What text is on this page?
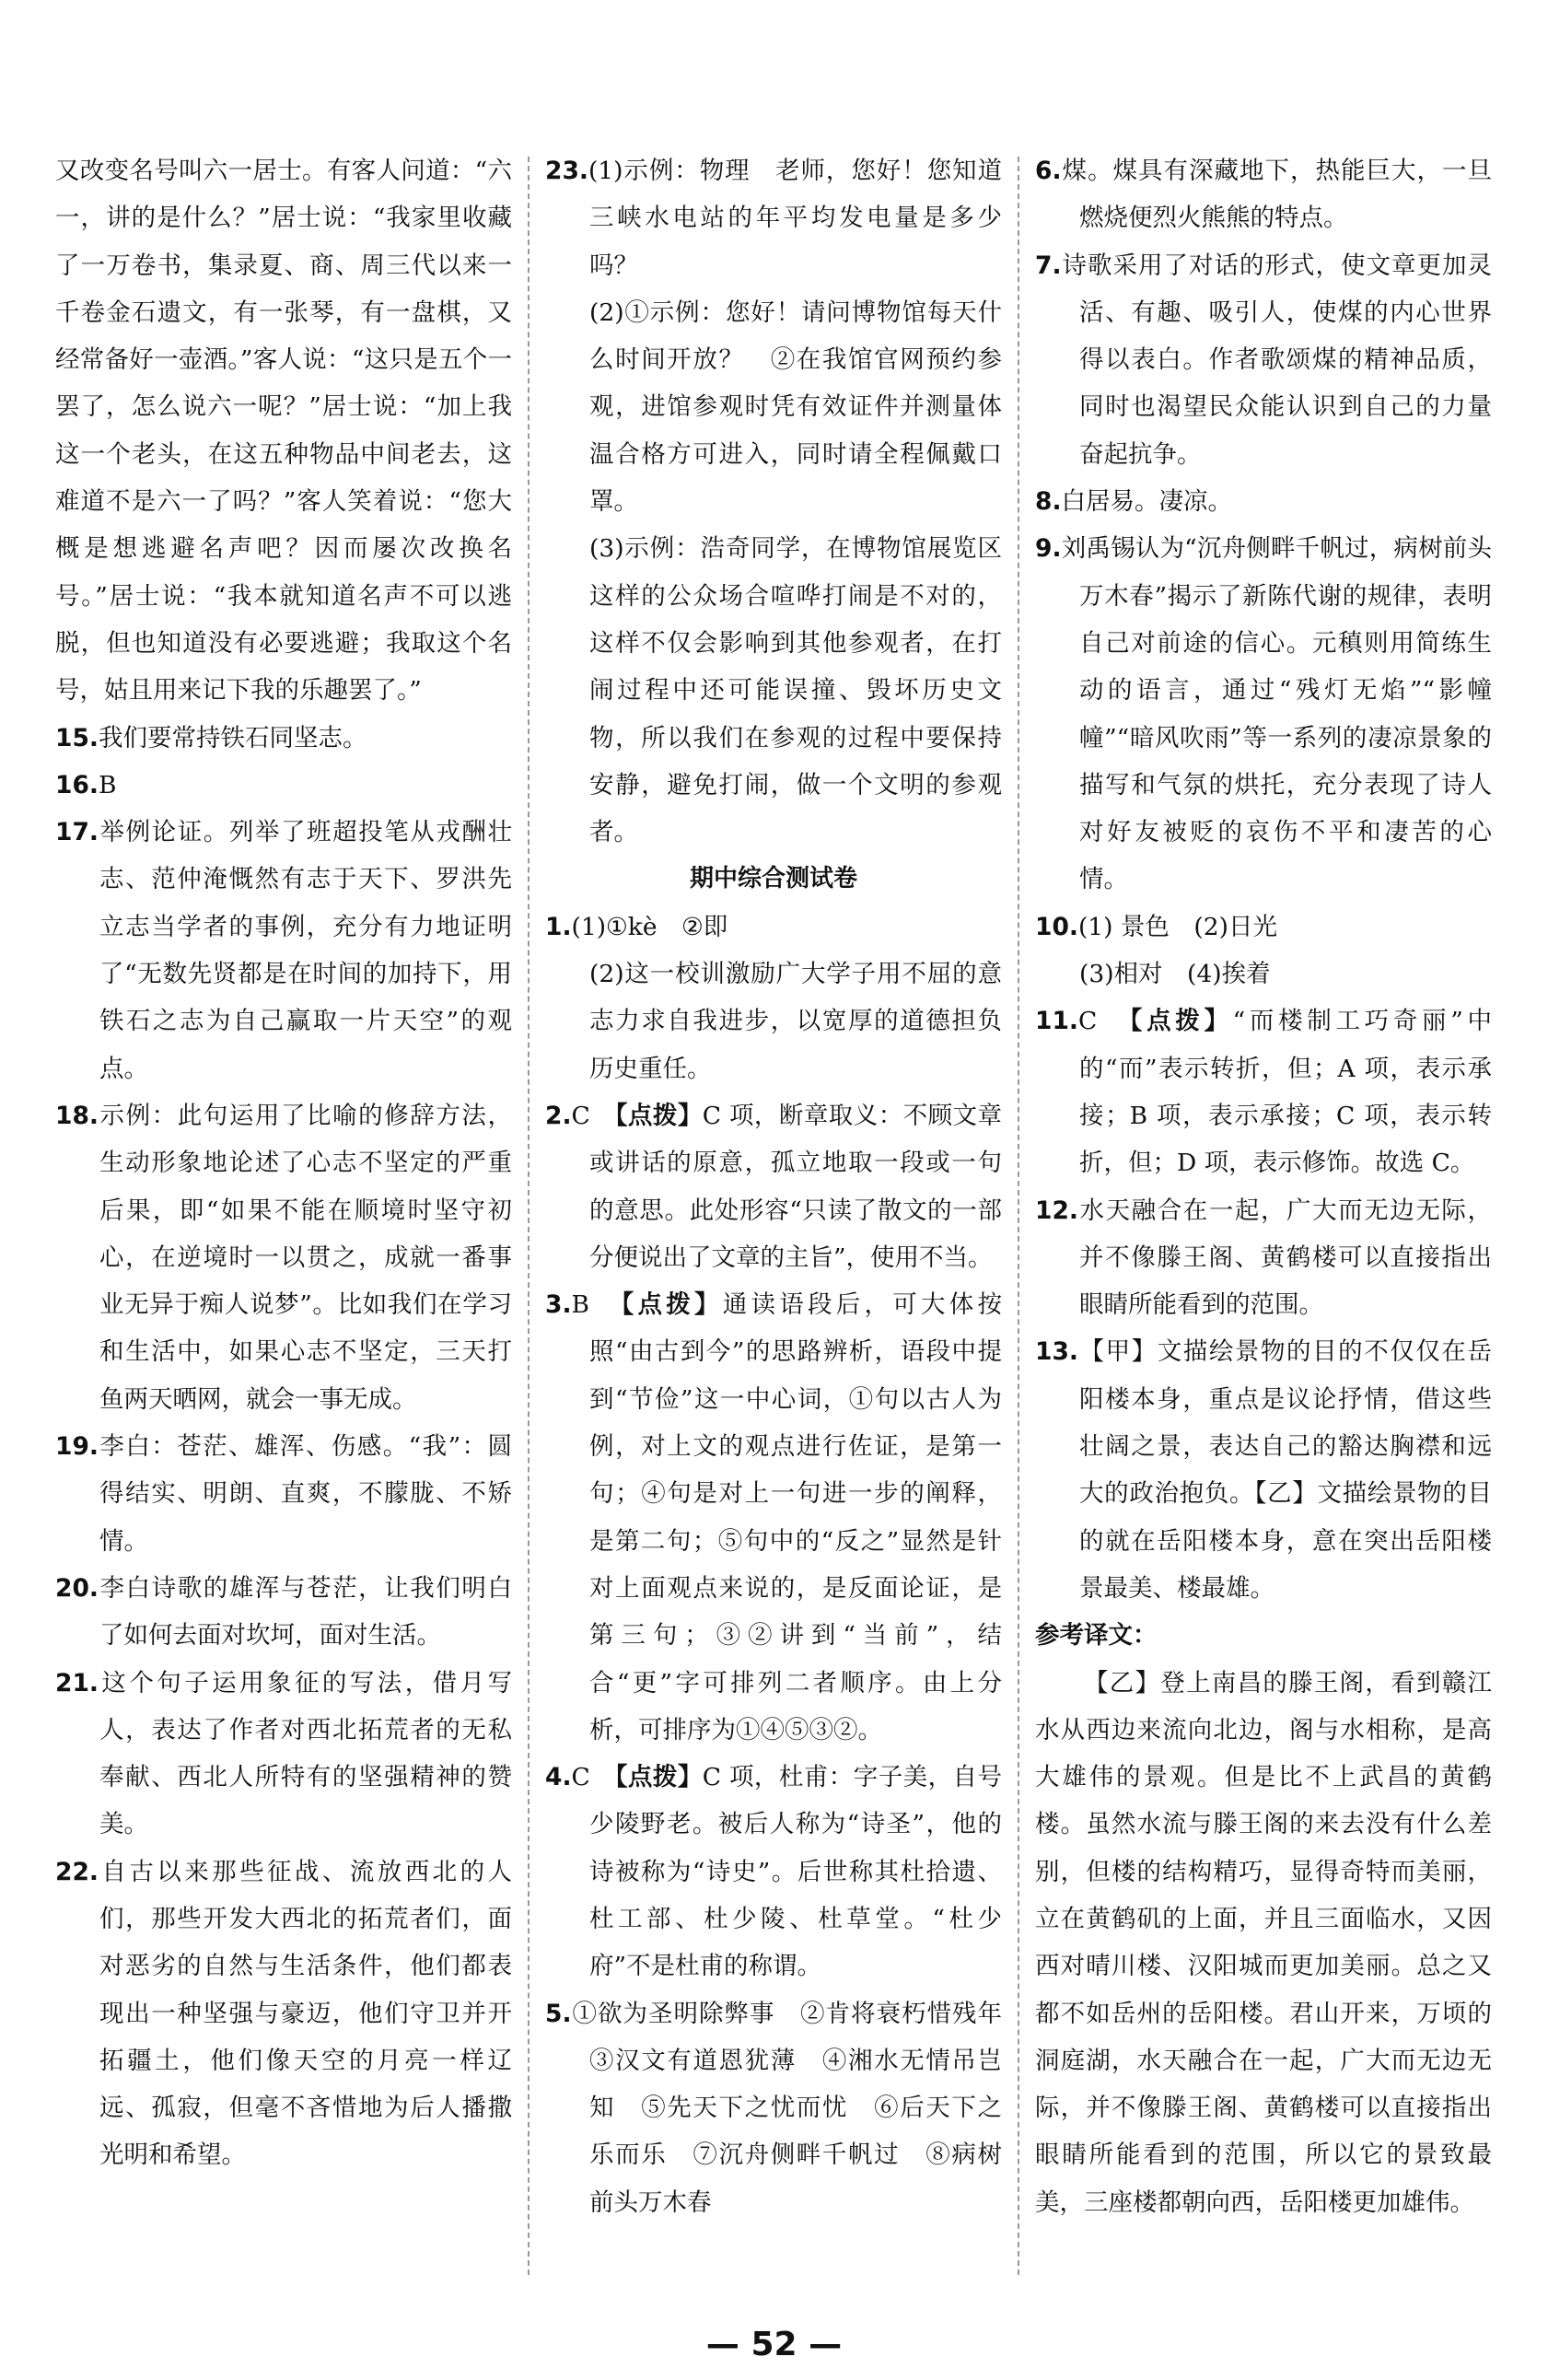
又改变名号叫六一居士。有客人问道：“六一，讲的是什么？”居士说：“我家里收藏了一万卷书，集录夏、商、周三代以来一千卷金石遗文，有一张琴，有一盘棋，又经常备好一壶酒。”客人说：“这只是五个一罢了，怎么说六一呢？”居士说：“加上我这一个老头，在这五种物品中间老去，这难道不是六一了吗？”客人笑着说：“您大概是想逃避名声吧？因而屡次改换名号。”居士说：“我本就知道名声不可以逃脱，但也知道没有必要逃避；我取这个名号，姑且用来记下我的乐趣罢了。”

15.我们要常持铁石同坚志。

16.B

17.举例论证。列举了班超投笔从戎酬壮志、范仲淹慨然有志于天下、罗洪先立志当学者的事例，充分有力地证明了“无数先贤都是在时间的加持下，用铁石之志为自己赢取一片天空”的观点。

18.示例：此句运用了比喻的修辞方法，生动形象地论述了心志不坚定的严重后果，即“如果不能在顺境时坚守初心，在逆境时一以贯之，成就一番事业无异于痴人说梦”。比如我们在学习和生活中，如果心志不坚定，三天打鱼两天晒网，就会一事无成。

19.李白：苍茫、雄浑、伤感。“我”：圆得结实、明朗、直爽，不朦胧、不矫情。

20.李白诗歌的雄浑与苍茫，让我们明白了如何去面对坎坷，面对生活。

21.这个句子运用象征的写法，借月写人，表达了作者对西北拓荒者的无私奉献、西北人所特有的坚强精神的赞美。

22.自古以来那些征战、流放西北的人们，那些开发大西北的拓荒者们，面对恶劣的自然与生活条件，他们都表现出一种坚强与豪迈，他们守卫并开拓疆土，他们像天空的月亮一样辽远、孤寂，但毫不吝惜地为后人播撒光明和希望。

23.(1)示例：物理　老师，您好！您知道三峡水电站的年平均发电量是多少吗？

(2)①示例：您好！请问博物馆每天什么时间开放？　②在我馆官网预约参观，进馆参观时凭有效证件并测量体温合格方可进入，同时请全程佩戴口罩。

(3)示例：浩奇同学，在博物馆展览区这样的公众场合喧哗打闹是不对的，这样不仅会影响到其他参观者，在打闹过程中还可能误撞、毁坏历史文物，所以我们在参观的过程中要保持安静，避免打闹，做一个文明的参观者。

期中综合测试卷

1.(1)①kè　②即

(2)这一校训激励广大学子用不屈的意志力求自我进步，以宽厚的道德担负历史重任。

2.C　 【点拨】C 项，断章取义：不顾文章或讲话的原意，孤立地取一段或一句的意思。此处形容“只读了散文的一部分便说出了文章的主旨”，使用不当。

3.B　 【点拨】通读语段后，可大体按照“由古到今”的思路辨析，语段中提到“节俭”这一中心词，①句以古人为例，对上文的观点进行佐证，是第一句；④句是对上一句进一步的阐释，是第二句；⑤句中的“反之”显然是针对上面观点来说的，是反面论证，是第三句；③②讲到“当前”，结合“更”字可排列二者顺序。由上分析，可排序为①④⑤③②。

4.C　 【点拨】C 项，杜甫：字子美，自号少陵野老。被后人称为“诗圣”，他的诗被称为“诗史”。后世称其杜拾遗、杜工部、杜少陵、杜草堂。“杜少府”不是杜甫的称谓。

5.①欲为圣明除弊事　②肯将衰朽惜残年　③汉文有道恩犹薄　④湘水无情吊岂知　⑤先天下之忧而忧　⑥后天下之乐而乐　⑦沉舟侧畔千帆过　⑧病树前头万木春

6.煤。煤具有深藏地下，热能巨大，一旦燃烧便烈火熊熊的特点。

7.诗歌采用了对话的形式，使文章更加灵活、有趣、吸引人，使煤的内心世界得以表白。作者歌颂煤的精神品质，同时也渴望民众能认识到自己的力量奋起抗争。

8.白居易。凄凉。

9.刘禹锡认为“沉舟侧畔千帆过，病树前头万木春”揭示了新陈代谢的规律，表明自己对前途的信心。元稹则用简练生动的语言，通过“残灯无焰”“影幢幢”“暗风吹雨”等一系列的凄凉景象的描写和气氛的烘托，充分表现了诗人对好友被贬的哀伤不平和凄苦的心情。

10.(1) 景色　(2)日光

(3)相对　(4)挨着

11.C　 【点拨】“而楼制工巧奇丽”中的“而”表示转折，但；A 项，表示承接；B 项，表示承接；C 项，表示转折，但；D 项，表示修饰。故选 C。

12.水天融合在一起，广大而无边无际，并不像滕王阁、黄鹤楼可以直接指出眼睛所能看到的范围。

13.【甲】文描绘景物的目的不仅仅在岳阳楼本身，重点是议论抒情，借这些壮阔之景，表达自己的豁达胸襟和远大的政治抱负。【乙】文描绘景物的目的就在岳阳楼本身，意在突出岳阳楼景最美、楼最雄。

参考译文：

【乙】登上南昌的滕王阁，看到赣江水从西边来流向北边，阁与水相称，是高大雄伟的景观。但是比不上武昌的黄鹤楼。虽然水流与滕王阁的来去没有什么差别，但楼的结构精巧，显得奇特而美丽，立在黄鹤矶的上面，并且三面临水，又因西对晴川楼、汉阳城而更加美丽。总之又都不如岳州的岳阳楼。君山开来，万顷的洞庭湖，水天融合在一起，广大而无边无际，并不像滕王阁、黄鹤楼可以直接指出眼睛所能看到的范围，所以它的景致最美，三座楼都朝向西，岳阳楼更加雄伟。

— 52 —
